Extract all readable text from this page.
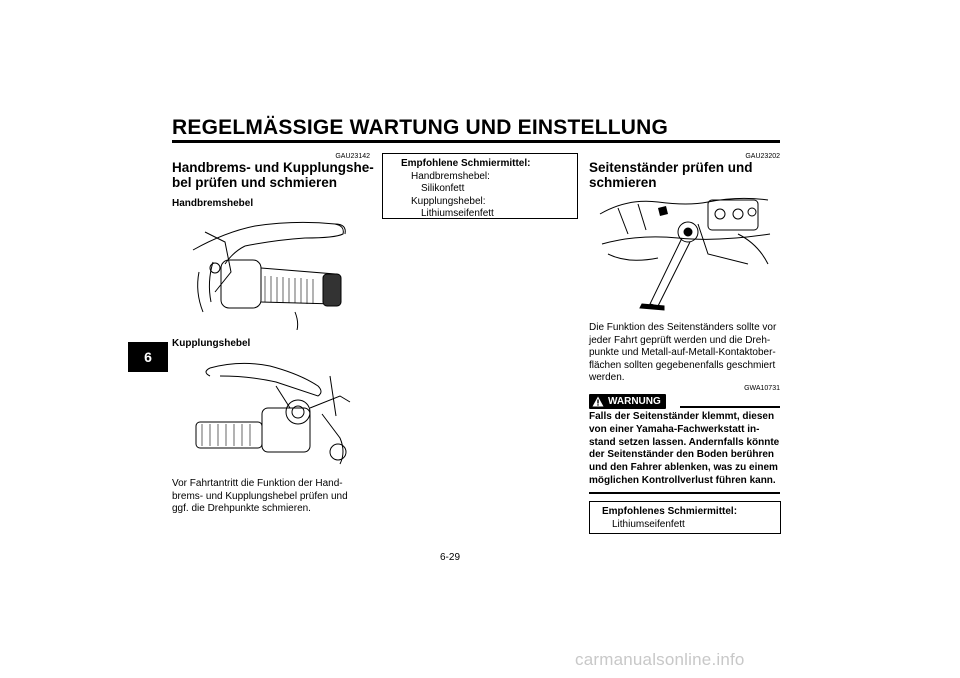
REGELMÄSSIGE WARTUNG UND EINSTELLUNG
6
GAU23142
Handbrems- und Kupplungshe-
bel prüfen und schmieren
Handbremshebel
Kupplungshebel
Vor Fahrtantritt die Funktion der Hand-
brems- und Kupplungshebel prüfen und
ggf. die Drehpunkte schmieren.
Empfohlene Schmiermittel:
Handbremshebel:
Silikonfett
Kupplungshebel:
Lithiumseifenfett
GAU23202
Seitenständer prüfen und
schmieren
Die Funktion des Seitenständers sollte vor
jeder Fahrt geprüft werden und die Dreh-
punkte und Metall-auf-Metall-Kontaktober-
flächen sollten gegebenenfalls geschmiert
werden.
GWA10731
WARNUNG
Falls der Seitenständer klemmt, diesen
von einer Yamaha-Fachwerkstatt in-
stand setzen lassen. Andernfalls könnte
der Seitenständer den Boden berühren
und den Fahrer ablenken, was zu einem
möglichen Kontrollverlust führen kann.
Empfohlenes Schmiermittel:
Lithiumseifenfett
6-29
carmanualsonline.info
